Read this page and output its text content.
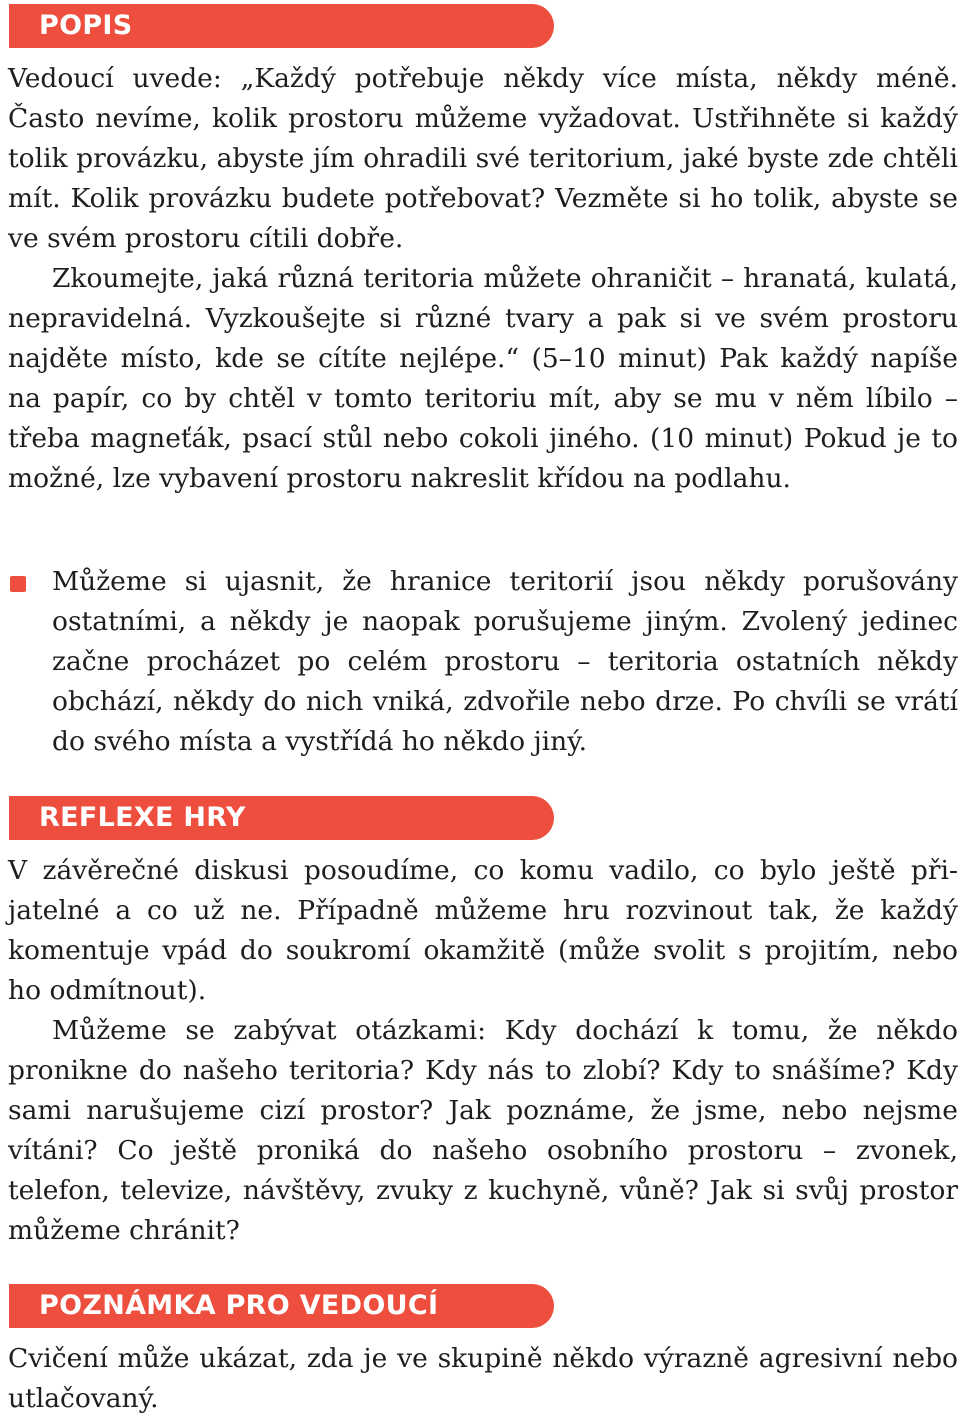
POPIS

Vedoucí uvede: „Každý potřebuje někdy více místa, někdy méně. Často nevíme, kolik prostoru můžeme vyžadovat. Ustřihněte si každý tolik provázku, abyste jím ohradili své teritorium, jaké byste zde chtěli mít. Kolik provázku budete potřebovat? Vezměte si ho tolik, abyste se ve svém prostoru cítili dobře.

Zkoumejte, jaká různá teritoria můžete ohraničit – hranatá, kulatá, nepravidelná. Vyzkoušejte si různé tvary a pak si ve svém prostoru najděte místo, kde se cítíte nejlépe.“ (5–10 minut) Pak každý napíše na papír, co by chtěl v tomto teritoriu mít, aby se mu v něm líbilo – třeba magneťák, psací stůl nebo cokoli jiného. (10 minut) Pokud je to možné, lze vybavení prostoru nakreslit křídou na podlahu.

Můžeme si ujasnit, že hranice teritorií jsou někdy porušovány ostatními, a někdy je naopak porušujeme jiným. Zvolený jedinec začne procházet po celém prostoru – teritoria ostatních někdy obchází, někdy do nich vniká, zdvořile nebo drze. Po chvíli se vrátí do svého místa a vystřídá ho někdo jiný.

REFLEXE HRY

V závěrečné diskusi posoudíme, co komu vadilo, co bylo ještě přijatelné a co už ne. Případně můžeme hru rozvinout tak, že každý komentuje vpád do soukromí okamžitě (může svolit s projitím, nebo ho odmítnout).

Můžeme se zabývat otázkami: Kdy dochází k tomu, že někdo pronikne do našeho teritoria? Kdy nás to zlobí? Kdy to snášíme? Kdy sami narušujeme cizí prostor? Jak poznáme, že jsme, nebo nejsme vítáni? Co ještě proniká do našeho osobního prostoru – zvonek, telefon, televize, návštěvy, zvuky z kuchyně, vůně? Jak si svůj prostor můžeme chránit?

POZNÁMKA PRO VEDOUCÍ

Cvičení může ukázat, zda je ve skupině někdo výrazně agresivní nebo utlačovaný.
